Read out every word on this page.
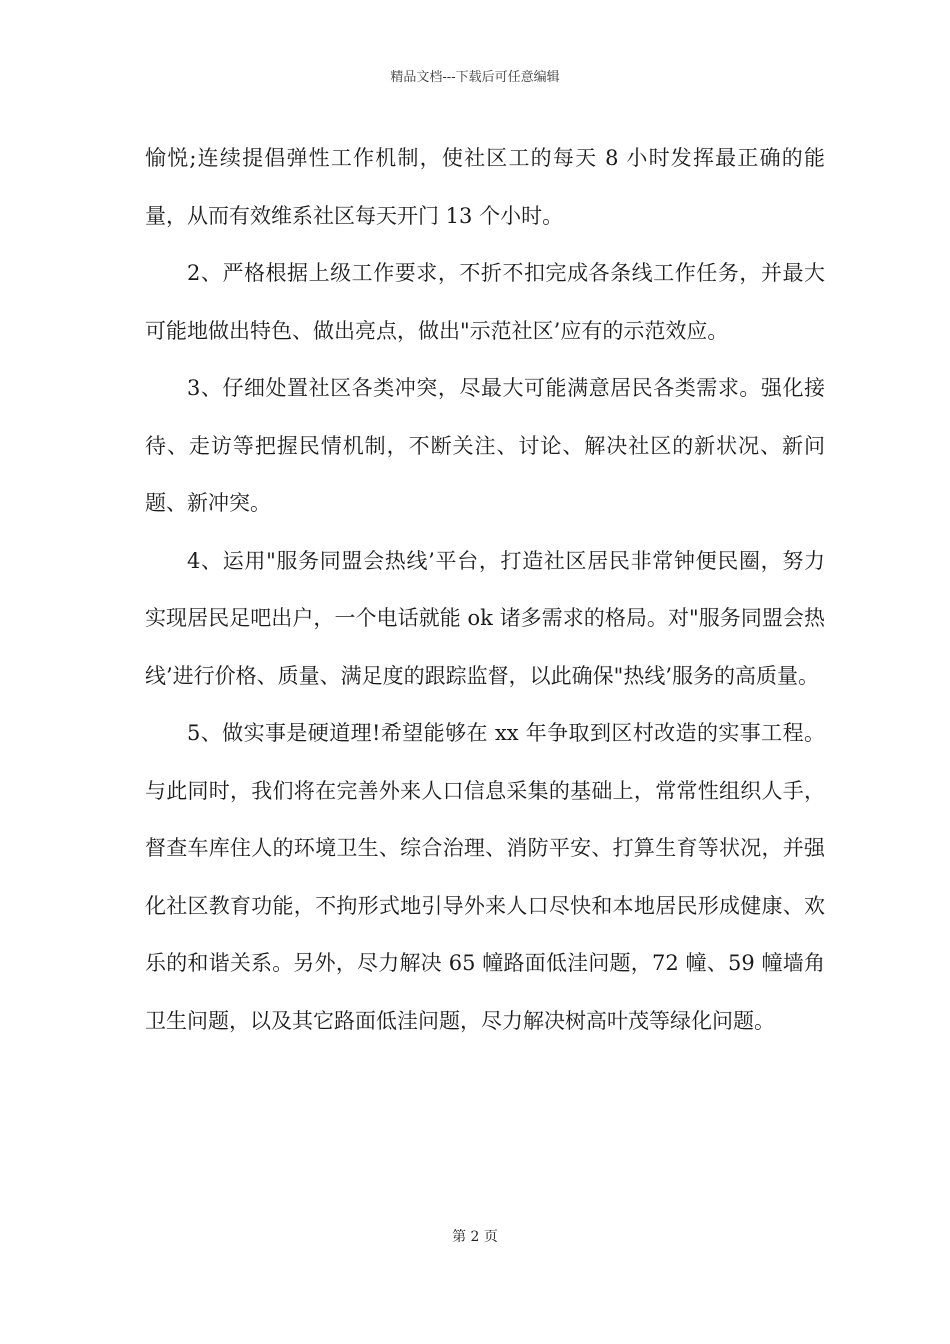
精品文档---下载后可任意编辑

愉悦;连续提倡弹性工作机制，使社区工的每天 8 小时发挥最正确的能量，从而有效维系社区每天开门 13 个小时。

2、严格根据上级工作要求，不折不扣完成各条线工作任务，并最大可能地做出特色、做出亮点，做出"示范社区’应有的示范效应。

3、仔细处置社区各类冲突，尽最大可能满意居民各类需求。强化接待、走访等把握民情机制，不断关注、讨论、解决社区的新状况、新问题、新冲突。

4、运用"服务同盟会热线’平台，打造社区居民非常钟便民圈，努力实现居民足吧出户，一个电话就能 ok 诸多需求的格局。对"服务同盟会热线’进行价格、质量、满足度的跟踪监督，以此确保"热线’服务的高质量。

5、做实事是硬道理!希望能够在 xx 年争取到区村改造的实事工程。与此同时，我们将在完善外来人口信息采集的基础上，常常性组织人手，督查车库住人的环境卫生、综合治理、消防平安、打算生育等状况，并强化社区教育功能，不拘形式地引导外来人口尽快和本地居民形成健康、欢乐的和谐关系。另外，尽力解决 65 幢路面低洼问题，72 幢、59 幢墙角卫生问题，以及其它路面低洼问题，尽力解决树高叶茂等绿化问题。

第 2 页
